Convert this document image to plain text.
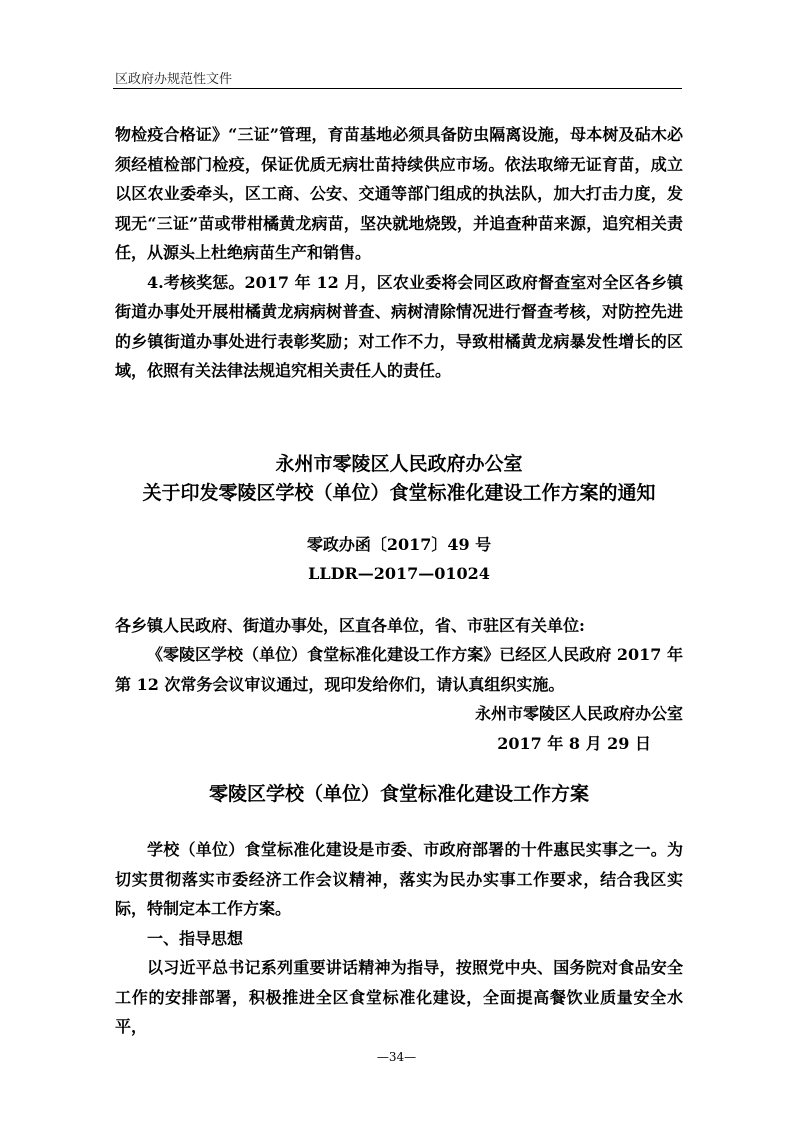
区政府办规范性文件

物检疫合格证》“三证”管理，育苗基地必须具备防虫隔离设施，母本树及砧木必须经植检部门检疫，保证优质无病壮苗持续供应市场。依法取缔无证育苗，成立以区农业委牵头，区工商、公安、交通等部门组成的执法队，加大打击力度，发现无“三证”苗或带柑橘黄龙病苗，坚决就地烧毁，并追查种苗来源，追究相关责任，从源头上杜绝病苗生产和销售。

4.考核奖惩。2017 年 12 月，区农业委将会同区政府督查室对全区各乡镇街道办事处开展柑橘黄龙病病树普查、病树清除情况进行督查考核，对防控先进的乡镇街道办事处进行表彰奖励；对工作不力，导致柑橘黄龙病暴发性增长的区域，依照有关法律法规追究相关责任人的责任。

永州市零陵区人民政府办公室

关于印发零陵区学校（单位）食堂标准化建设工作方案的通知

零政办函〔2017〕49 号

LLDR—2017—01024

各乡镇人民政府、街道办事处，区直各单位，省、市驻区有关单位:

《零陵区学校（单位）食堂标准化建设工作方案》已经区人民政府 2017 年第 12 次常务会议审议通过，现印发给你们，请认真组织实施。

永州市零陵区人民政府办公室

2017 年 8 月 29 日

零陵区学校（单位）食堂标准化建设工作方案

学校（单位）食堂标准化建设是市委、市政府部署的十件惠民实事之一。为切实贯彻落实市委经济工作会议精神，落实为民办实事工作要求，结合我区实际，特制定本工作方案。

一、指导思想

以习近平总书记系列重要讲话精神为指导，按照党中央、国务院对食品安全工作的安排部署，积极推进全区食堂标准化建设，全面提高餐饮业质量安全水平，

—34—
